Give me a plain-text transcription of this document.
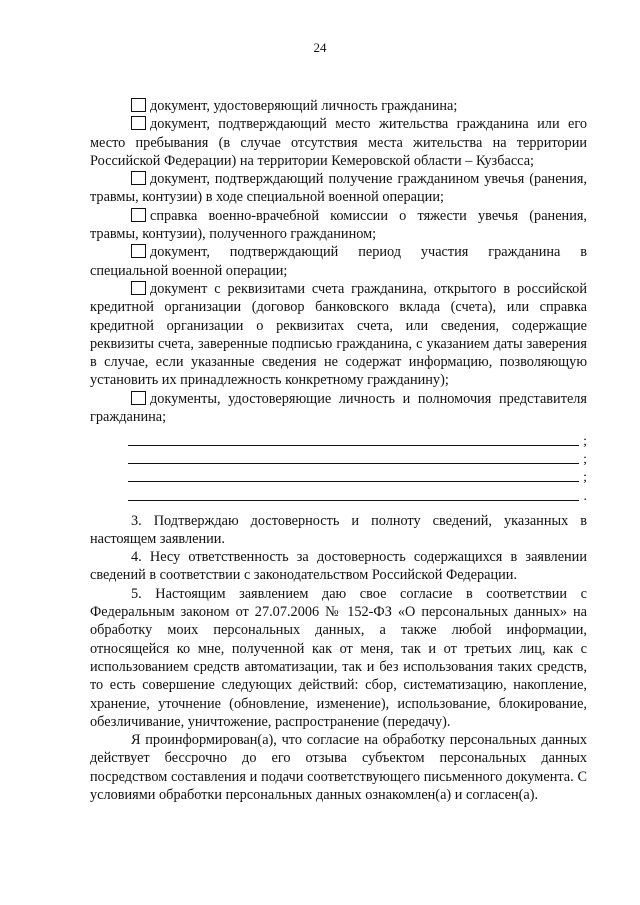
24

документ, удостоверяющий личность гражданина;

документ, подтверждающий место жительства гражданина или его место пребывания (в случае отсутствия места жительства на территории Российской Федерации) на территории Кемеровской области – Кузбасса;

документ, подтверждающий получение гражданином увечья (ранения, травмы, контузии) в ходе специальной военной операции;

справка военно-врачебной комиссии о тяжести увечья (ранения, травмы, контузии), полученного гражданином;

документ, подтверждающий период участия гражданина в специальной военной операции;

документ с реквизитами счета гражданина, открытого в российской кредитной организации (договор банковского вклада (счета), или справка кредитной организации о реквизитах счета, или сведения, содержащие реквизиты счета, заверенные подписью гражданина, с указанием даты заверения в случае, если указанные сведения не содержат информацию, позволяющую установить их принадлежность конкретному гражданину);

документы, удостоверяющие личность и полномочия представителя гражданина;

;
;
;
.

3. Подтверждаю достоверность и полноту сведений, указанных в настоящем заявлении.

4. Несу ответственность за достоверность содержащихся в заявлении сведений в соответствии с законодательством Российской Федерации.

5. Настоящим заявлением даю свое согласие в соответствии с Федеральным законом от 27.07.2006 № 152-ФЗ «О персональных данных» на обработку моих персональных данных, а также любой информации, относящейся ко мне, полученной как от меня, так и от третьих лиц, как с использованием средств автоматизации, так и без использования таких средств, то есть совершение следующих действий: сбор, систематизацию, накопление, хранение, уточнение (обновление, изменение), использование, блокирование, обезличивание, уничтожение, распространение (передачу).

Я проинформирован(а), что согласие на обработку персональных данных действует бессрочно до его отзыва субъектом персональных данных посредством составления и подачи соответствующего письменного документа. С условиями обработки персональных данных ознакомлен(а) и согласен(а).
